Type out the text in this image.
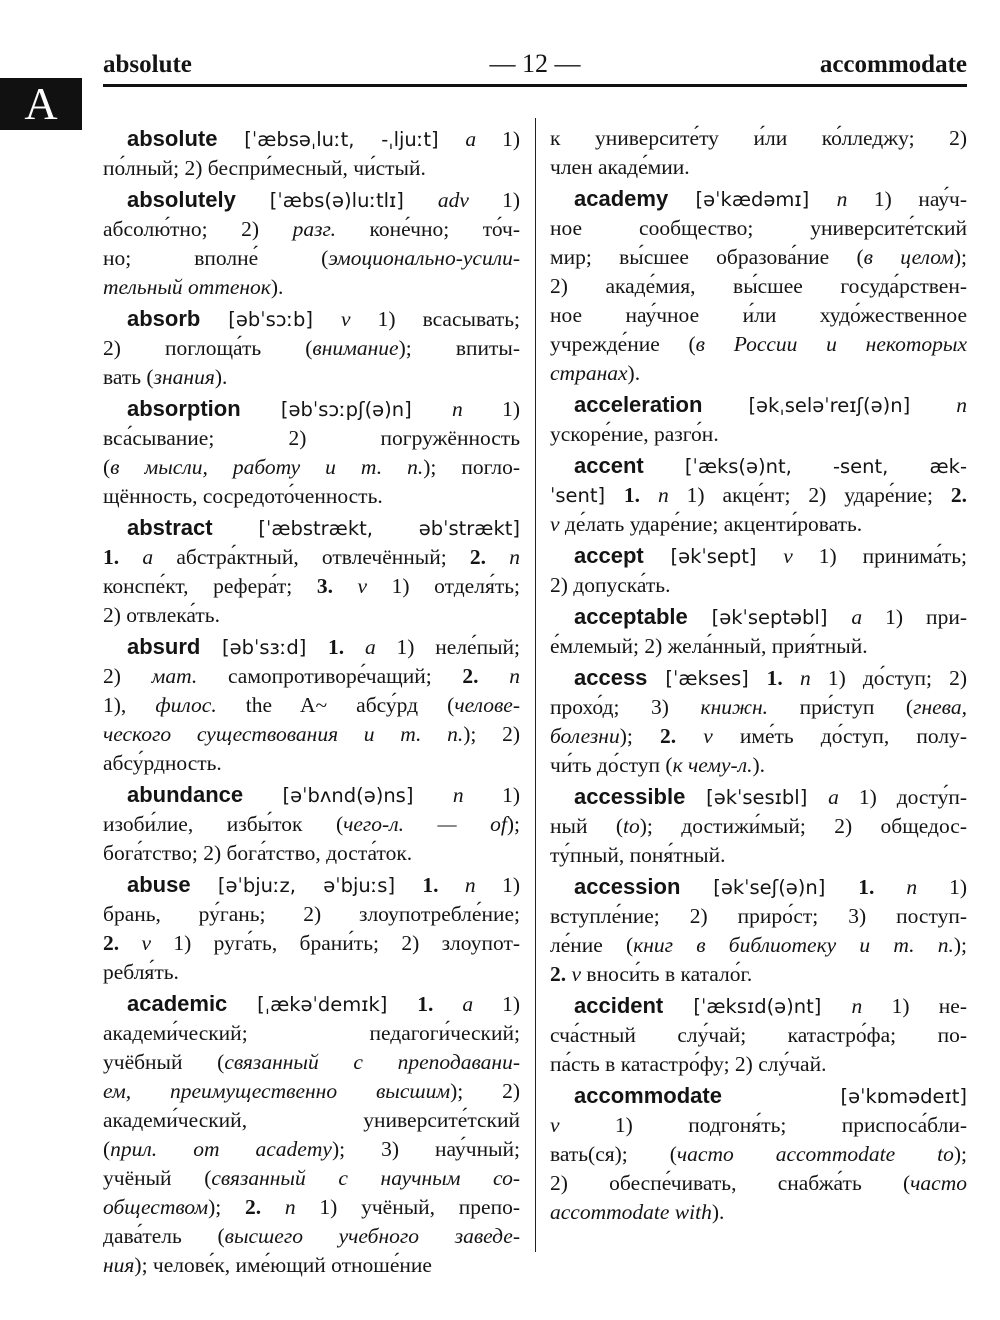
absolute	— 12 —	accommodate
A
absolute [ˈæbsəˌluːt, -ˌljuːt] a 1)
по́лный; 2) беспри́месный, чи́стый.
absolutely [ˈæbs(ə)luːtlɪ] adv 1)
абсолю́тно; 2) разг. коне́чно; то́ч-
но; вполне́ (эмоционально-усили-
тельный оттенок).
absorb [əbˈsɔːb] v 1) всасывать;
2) поглоща́ть (внимание); впиты-
вать (знания).
absorption [əbˈsɔːpʃ(ə)n] n 1)
вса́сывание; 2) погружённость
(в мысли, работу и т. п.); погло-
щённость, сосредото́ченность.
abstract [ˈæbstrækt, əbˈstrækt]
1. a абстра́ктный, отвлечённый; 2. n
конспе́кт, рефера́т; 3. v 1) отделя́ть;
2) отвлека́ть.
absurd [əbˈsɜːd] 1. a 1) неле́пый;
2) мат. самопротиворе́чащий; 2. n
1), филос. the A~ абсу́рд (челове-
ческого существования и т. п.); 2)
абсу́рдность.
abundance [əˈbʌnd(ə)ns] n 1)
изоби́лие, избы́ток (чего-л. — of);
бога́тство; 2) бога́тство, доста́ток.
abuse [əˈbjuːz, əˈbjuːs] 1. n 1)
брань, ру́гань; 2) злоупотребле́ние;
2. v 1) руга́ть, брани́ть; 2) злоупот-
ребля́ть.
academic [ˌækəˈdemɪk] 1. a 1)
академи́ческий; педагоги́ческий;
учёбный (связанный с преподавани-
ем, преимущественно высшим); 2)
академи́ческий, университе́тский
(прил. от academy); 3) нау́чный;
учёный (связанный с научным со-
обществом); 2. n 1) учёный, препо-
дава́тель (высшего учебного заведе-
ния); челове́к, име́ющий отноше́ние
к университе́ту и́ли ко́лледжу; 2)
член акаде́мии.
academy [əˈkædəmɪ] n 1) нау́ч-
ное сообщество; университе́тский
мир; вы́сшее образова́ние (в целом);
2) акаде́мия, вы́сшее госуда́рствен-
ное нау́чное и́ли худо́жественное
учрежде́ние (в России и некоторых
странах).
acceleration [əkˌseləˈreɪʃ(ə)n] n
ускоре́ние, разго́н.
accent [ˈæks(ə)nt, -sent, æk-
ˈsent] 1. n 1) акце́нт; 2) ударе́ние; 2.
v де́лать ударе́ние; акценти́ровать.
accept [əkˈsept] v 1) принима́ть;
2) допуска́ть.
acceptable [əkˈseptəbl] a 1) при-
е́млемый; 2) жела́нный, прия́тный.
access [ˈækses] 1. n 1) до́ступ; 2)
прохо́д; 3) книжн. при́ступ (гнева,
болезни); 2. v име́ть до́ступ, полу-
чи́ть до́ступ (к чему-л.).
accessible [əkˈsesɪbl] a 1) досту́п-
ный (to); достижи́мый; 2) общедос-
ту́пный, поня́тный.
accession [əkˈseʃ(ə)n] 1. n 1)
вступле́ние; 2) приро́ст; 3) поступ-
ле́ние (книг в библиотеку и т. п.);
2. v вноси́ть в катало́г.
accident [ˈæksɪd(ə)nt] n 1) не-
сча́стный слу́чай; катастро́фа; по-
па́сть в катастро́фу; 2) слу́чай.
accommodate [əˈkɒmədeɪt]
v 1) подгоня́ть; приспоса́бли-
вать(ся); (часто accommodate to);
2) обеспе́чивать, снабжа́ть (часто
accommodate with).
